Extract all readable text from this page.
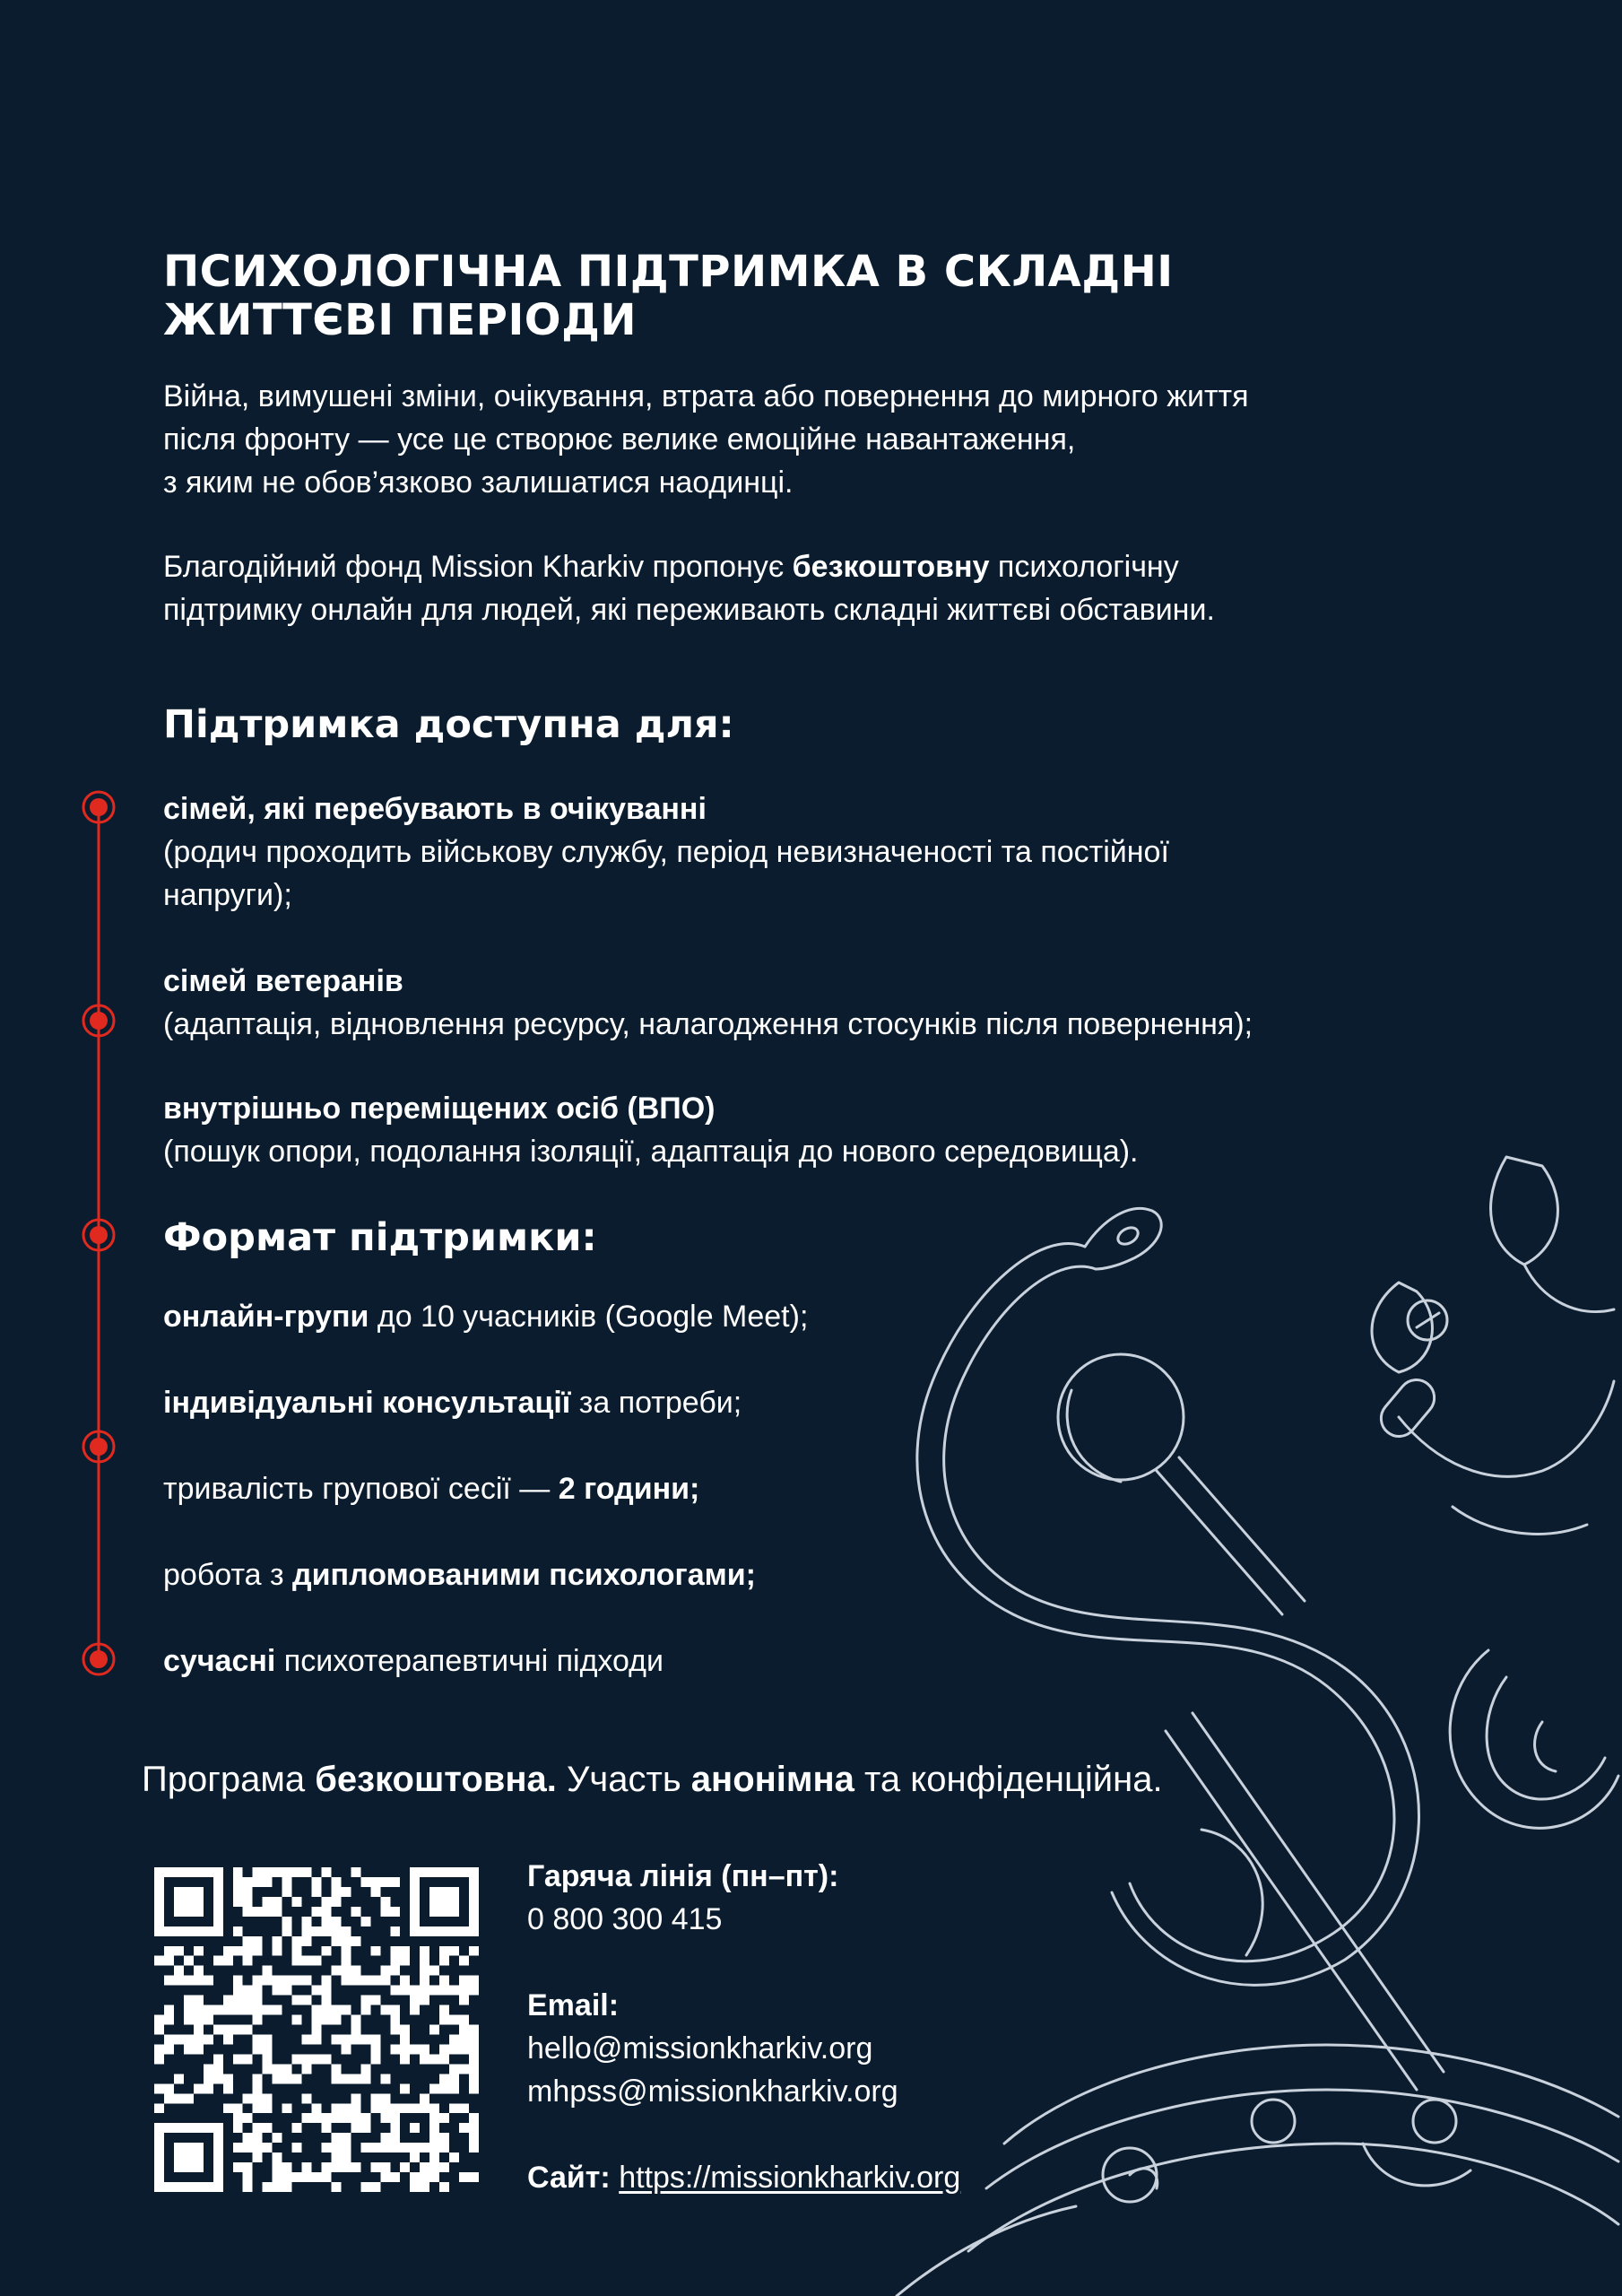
ПСИХОЛОГІЧНА ПІДТРИМКА В СКЛАДНІ
ЖИТТЄВІ ПЕРІОДИ

Війна, вимушені зміни, очікування, втрата або повернення до мирного життя
після фронту — усе це створює велике емоційне навантаження,
з яким не обов’язково залишатися наодинці.

Благодійний фонд Mission Kharkiv пропонує безкоштовну психологічну
підтримку онлайн для людей, які переживають складні життєві обставини.

Підтримка доступна для:
сімей, які перебувають в очікуванні
(родич проходить військову службу, період невизначеності та постійної
напруги);
сімей ветеранів
(адаптація, відновлення ресурсу, налагодження стосунків після повернення);
внутрішньо переміщених осіб (ВПО)
(пошук опори, подолання ізоляції, адаптація до нового середовища).
Формат підтримки:
онлайн-групи до 10 учасників (Google Meet);
індивідуальні консультації за потреби;
тривалість групової сесії — 2 години;
робота з дипломованими психологами;
сучасні психотерапевтичні підходи

Програма безкоштовна. Участь анонімна та конфіденційна.

Гаряча лінія (пн–пт):
0 800 300 415
Email:
hello@missionkharkiv.org
mhpss@missionkharkiv.org
Сайт: https://missionkharkiv.org
